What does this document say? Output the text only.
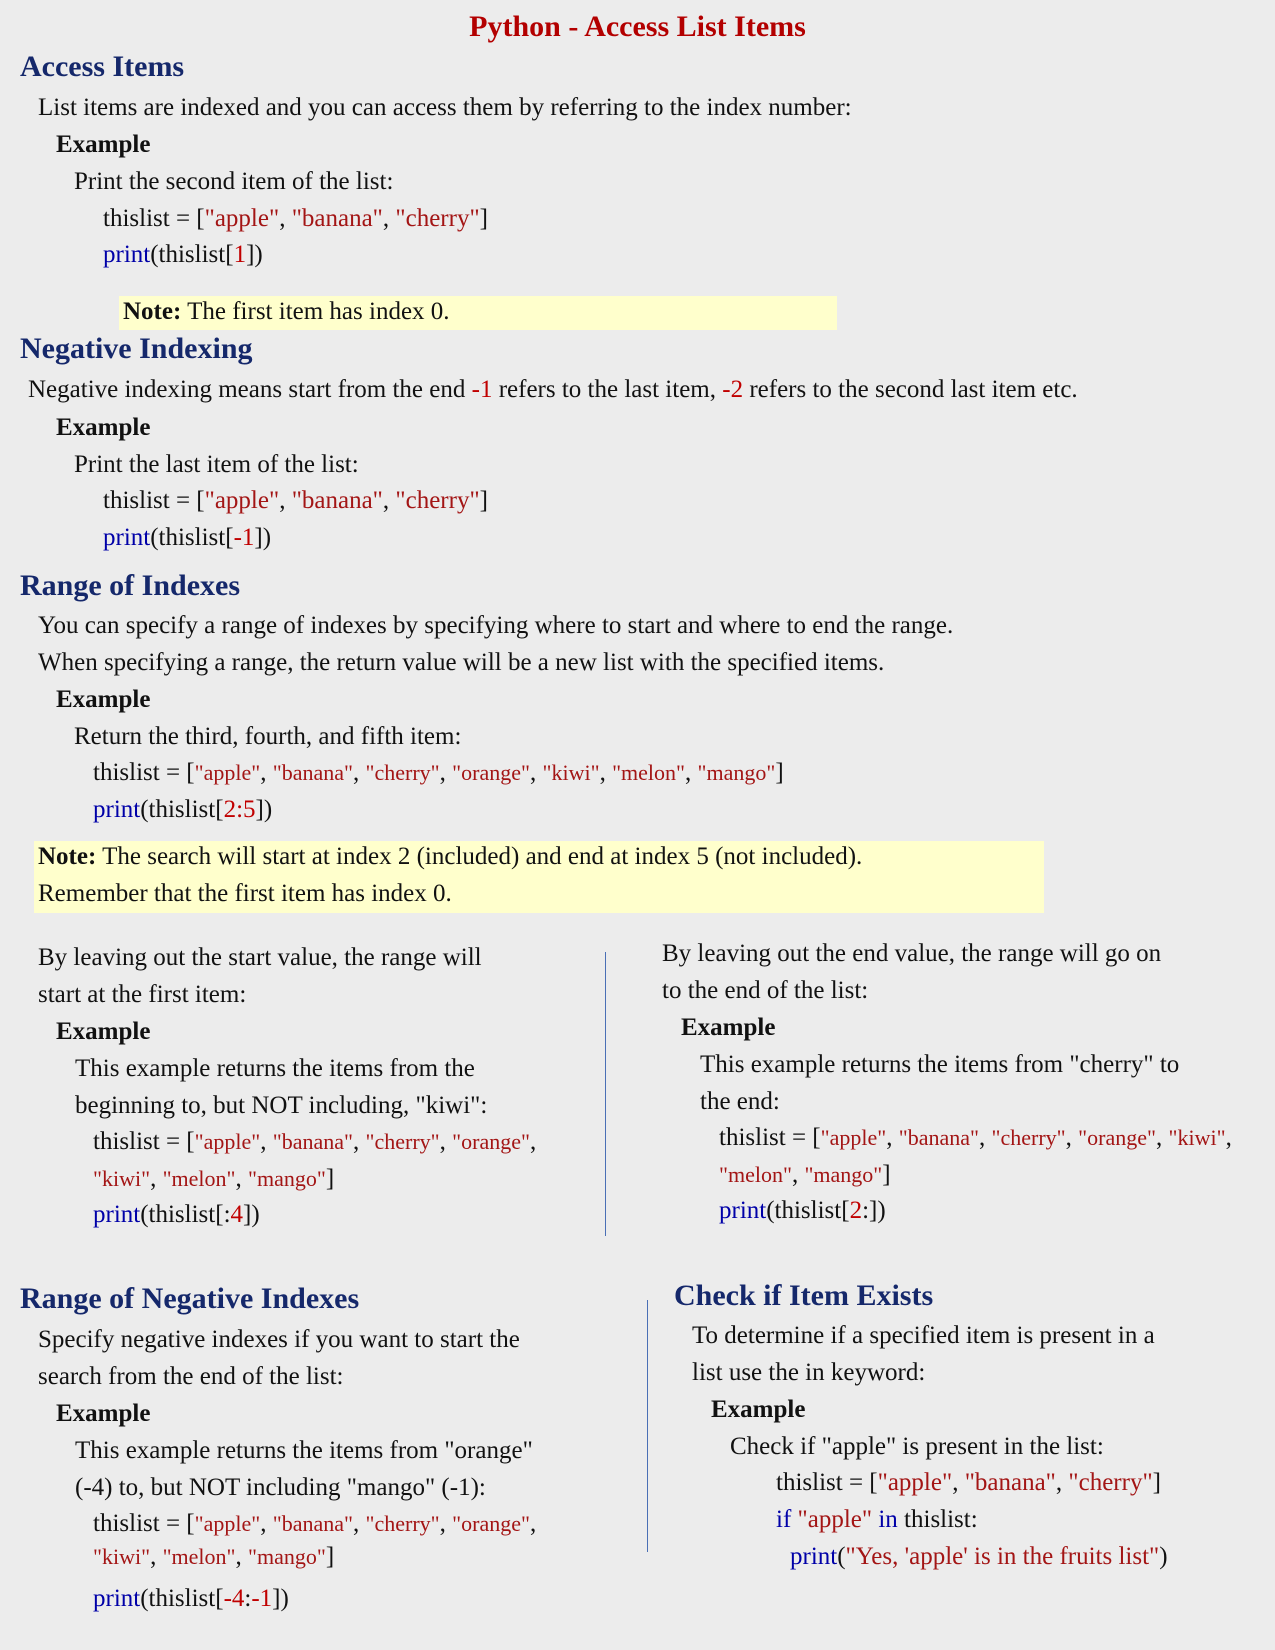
Python - Access List Items
Access Items
List items are indexed and you can access them by referring to the index number:
Example
Print the second item of the list:
thislist = ["apple", "banana", "cherry"]
print(thislist[1])
Note: The first item has index 0.
Negative Indexing
Negative indexing means start from the end -1 refers to the last item, -2 refers to the second last item etc.
Example
Print the last item of the list:
thislist = ["apple", "banana", "cherry"]
print(thislist[-1])
Range of Indexes
You can specify a range of indexes by specifying where to start and where to end the range.
When specifying a range, the return value will be a new list with the specified items.
Example
Return the third, fourth, and fifth item:
thislist = ["apple", "banana", "cherry", "orange", "kiwi", "melon", "mango"]
print(thislist[2:5])
Note: The search will start at index 2 (included) and end at index 5 (not included).
Remember that the first item has index 0.
By leaving out the start value, the range will
start at the first item:
Example
This example returns the items from the
beginning to, but NOT including, "kiwi":
thislist = ["apple", "banana", "cherry", "orange",
"kiwi", "melon", "mango"]
print(thislist[:4])
By leaving out the end value, the range will go on
to the end of the list:
Example
This example returns the items from "cherry" to
the end:
thislist = ["apple", "banana", "cherry", "orange", "kiwi",
"melon", "mango"]
print(thislist[2:])
Range of Negative Indexes
Specify negative indexes if you want to start the
search from the end of the list:
Example
This example returns the items from "orange"
(-4) to, but NOT including "mango" (-1):
thislist = ["apple", "banana", "cherry", "orange",
"kiwi", "melon", "mango"]
print(thislist[-4:-1])
Check if Item Exists
To determine if a specified item is present in a
list use the in keyword:
Example
Check if "apple" is present in the list:
thislist = ["apple", "banana", "cherry"]
if "apple" in thislist:
print("Yes, 'apple' is in the fruits list")
